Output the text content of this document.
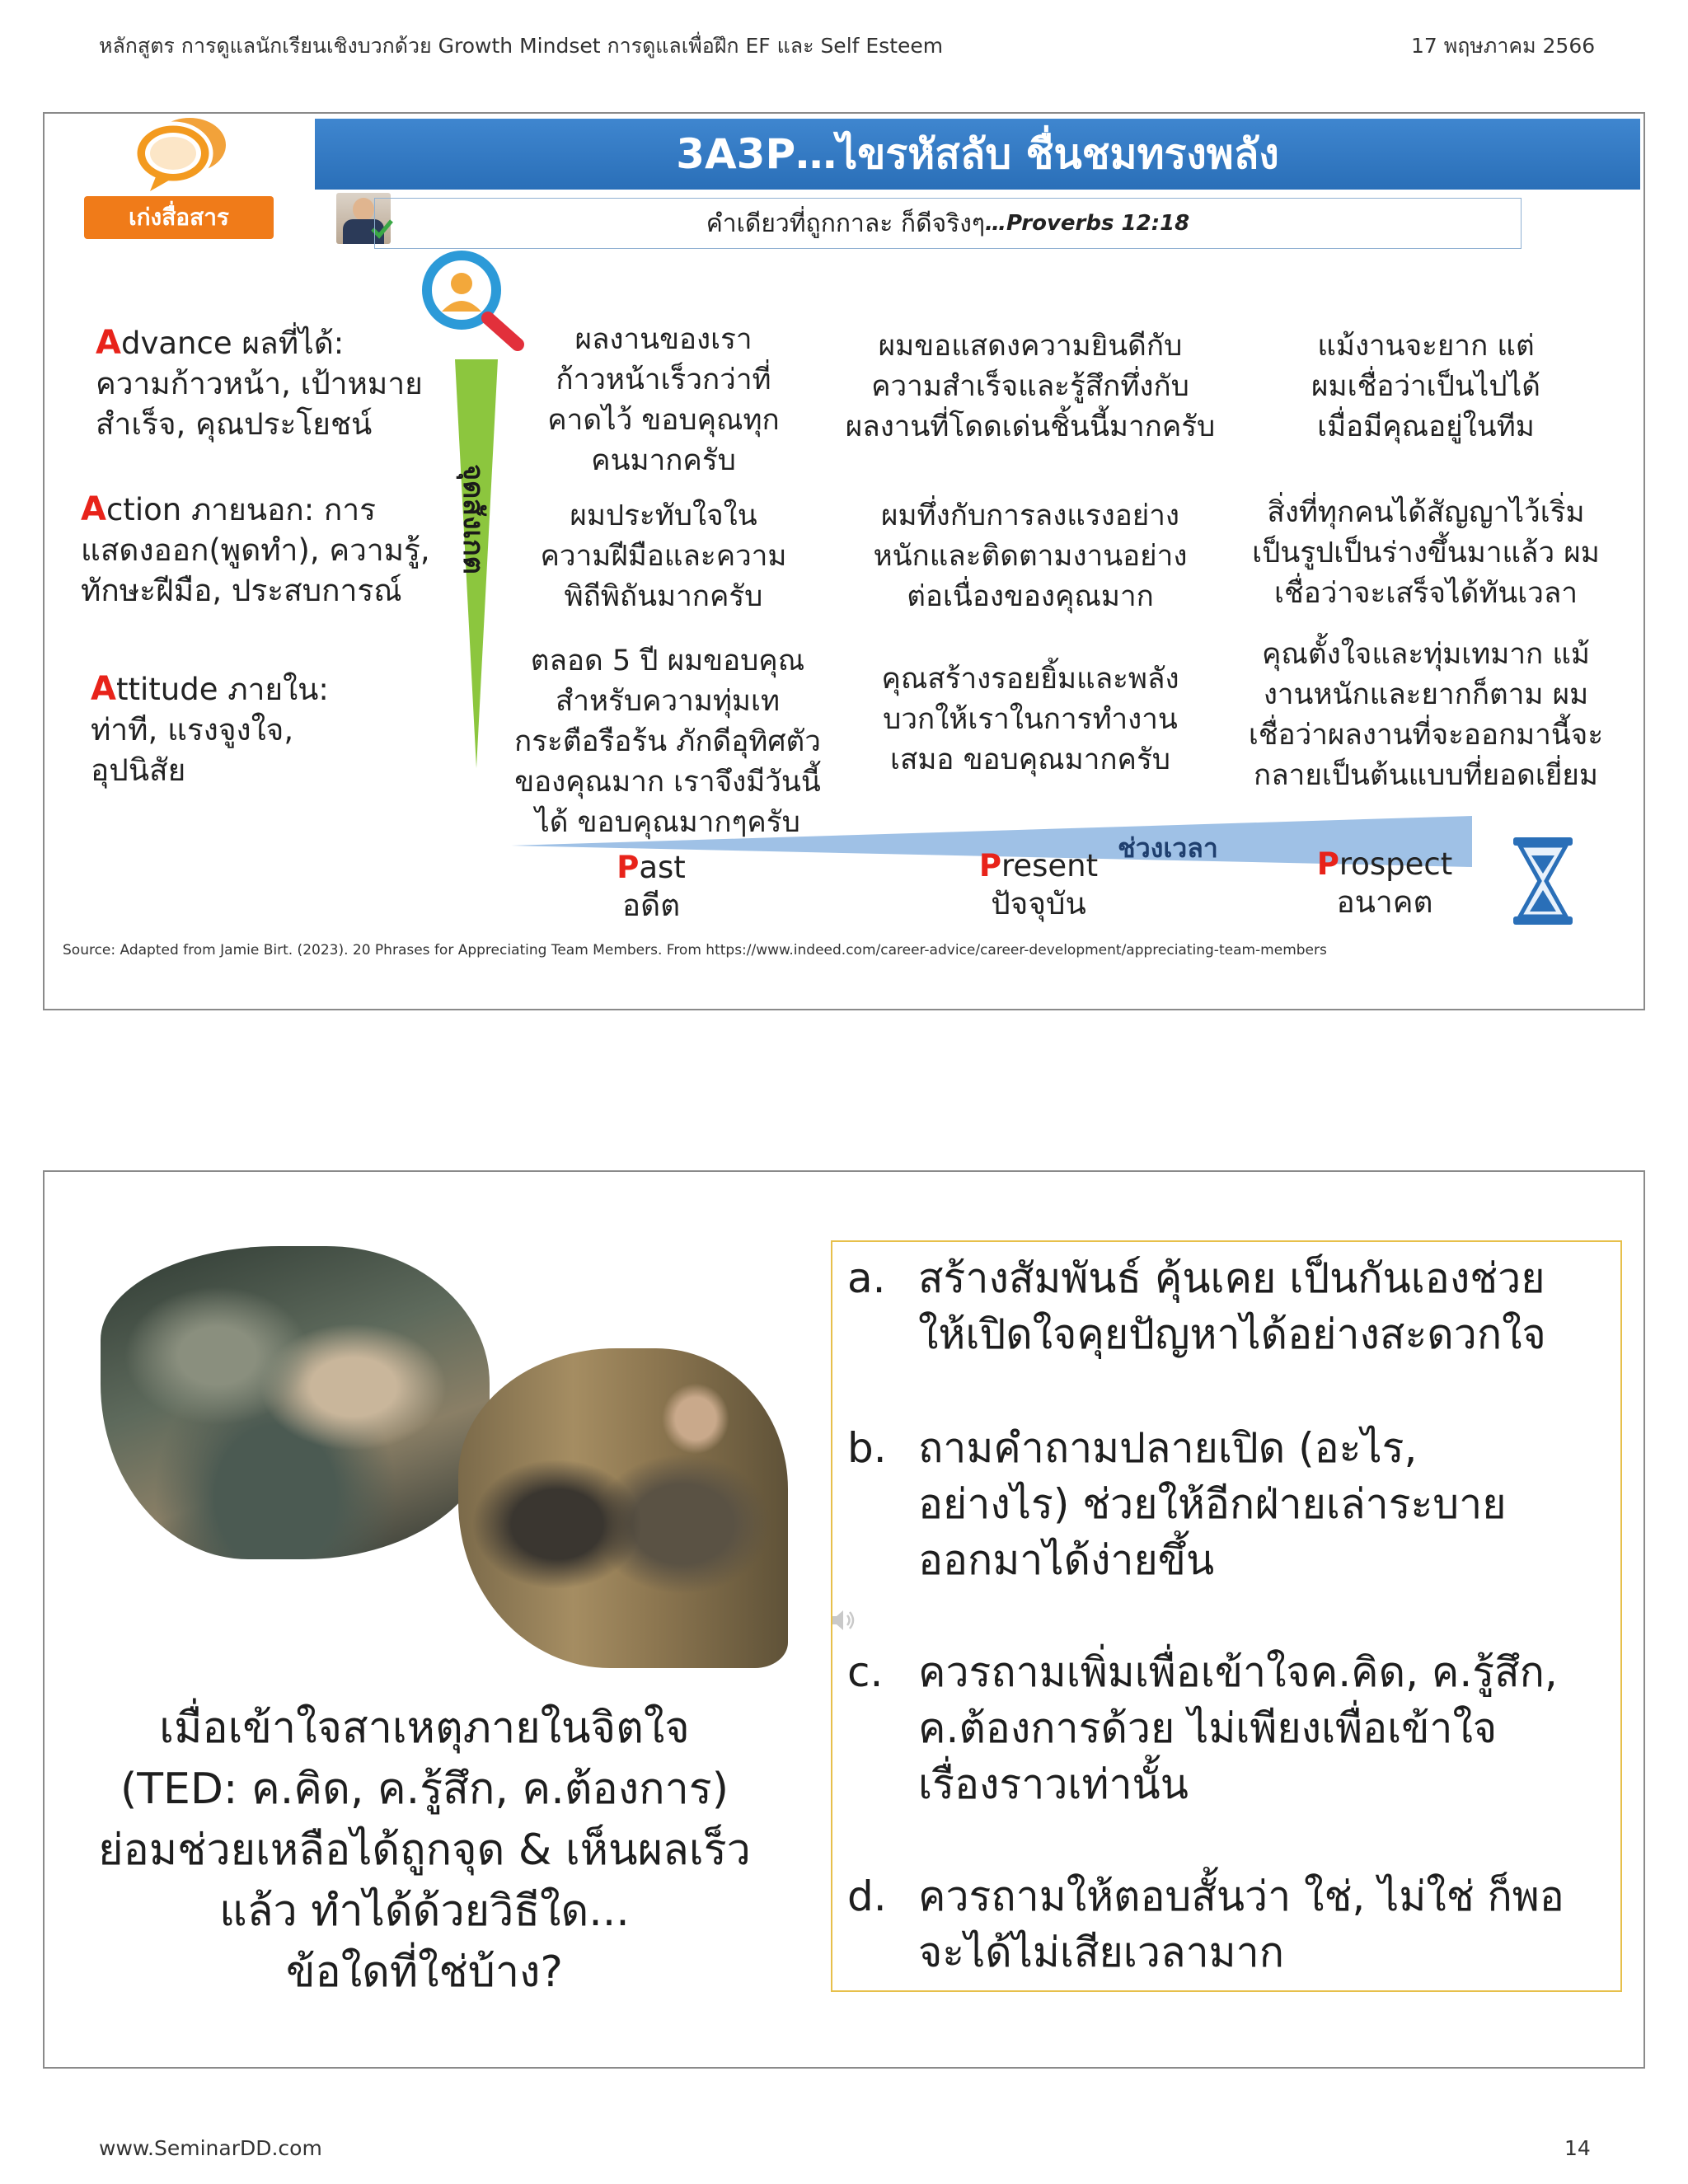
หลักสูตร การดูแลนักเรียนเชิงบวกด้วย Growth Mindset การดูแลเพื่อฝึก EF และ Self Esteem	17 พฤษภาคม 2566
เก่งสื่อสาร
3A3P…ไขรหัสลับ ชื่นชมทรงพลัง
คำเดียวที่ถูกกาละ ก็ดีจริงๆ …Proverbs 12:18
จุดสังเกต
Advance ผลที่ได้:
ความก้าวหน้า, เป้าหมาย
สำเร็จ, คุณประโยชน์
Action ภายนอก: การ
แสดงออก(พูดทำ), ความรู้,
ทักษะฝีมือ, ประสบการณ์
Attitude ภายใน:
ท่าที, แรงจูงใจ,
อุปนิสัย
ผลงานของเรา
ก้าวหน้าเร็วกว่าที่
คาดไว้ ขอบคุณทุก
คนมากครับ
ผมขอแสดงความยินดีกับ
ความสำเร็จและรู้สึกทึ่งกับ
ผลงานที่โดดเด่นชิ้นนี้มากครับ
แม้งานจะยาก แต่
ผมเชื่อว่าเป็นไปได้
เมื่อมีคุณอยู่ในทีม
ผมประทับใจใน
ความฝีมือและความ
พิถีพิถันมากครับ
ผมทึ่งกับการลงแรงอย่าง
หนักและติดตามงานอย่าง
ต่อเนื่องของคุณมาก
สิ่งที่ทุกคนได้สัญญาไว้เริ่ม
เป็นรูปเป็นร่างขึ้นมาแล้ว ผม
เชื่อว่าจะเสร็จได้ทันเวลา
ตลอด 5 ปี ผมขอบคุณ
สำหรับความทุ่มเท
กระตือรือร้น ภักดีอุทิศตัว
ของคุณมาก เราจึงมีวันนี้
ได้ ขอบคุณมากๆครับ
คุณสร้างรอยยิ้มและพลัง
บวกให้เราในการทำงาน
เสมอ ขอบคุณมากครับ
คุณตั้งใจและทุ่มเทมาก แม้
งานหนักและยากก็ตาม ผม
เชื่อว่าผลงานที่จะออกมานี้จะ
กลายเป็นต้นแบบที่ยอดเยี่ยม
ช่วงเวลา
Past
อดีต
Present
ปัจจุบัน
Prospect
อนาคต
Source: Adapted from Jamie Birt. (2023). 20 Phrases for Appreciating Team Members. From https://www.indeed.com/career-advice/career-development/appreciating-team-members
เมื่อเข้าใจสาเหตุภายในจิตใจ
(TED: ค.คิด, ค.รู้สึก, ค.ต้องการ)
ย่อมช่วยเหลือได้ถูกจุด & เห็นผลเร็ว
แล้ว ทำได้ด้วยวิธีใด...
ข้อใดที่ใช่บ้าง?
a. สร้างสัมพันธ์ คุ้นเคย เป็นกันเองช่วย
ให้เปิดใจคุยปัญหาได้อย่างสะดวกใจ
b. ถามคำถามปลายเปิด (อะไร,
อย่างไร) ช่วยให้อีกฝ่ายเล่าระบาย
ออกมาได้ง่ายขึ้น
c. ควรถามเพิ่มเพื่อเข้าใจค.คิด, ค.รู้สึก,
ค.ต้องการด้วย ไม่เพียงเพื่อเข้าใจ
เรื่องราวเท่านั้น
d. ควรถามให้ตอบสั้นว่า ใช่, ไม่ใช่ ก็พอ
จะได้ไม่เสียเวลามาก
www.SeminarDD.com	14
